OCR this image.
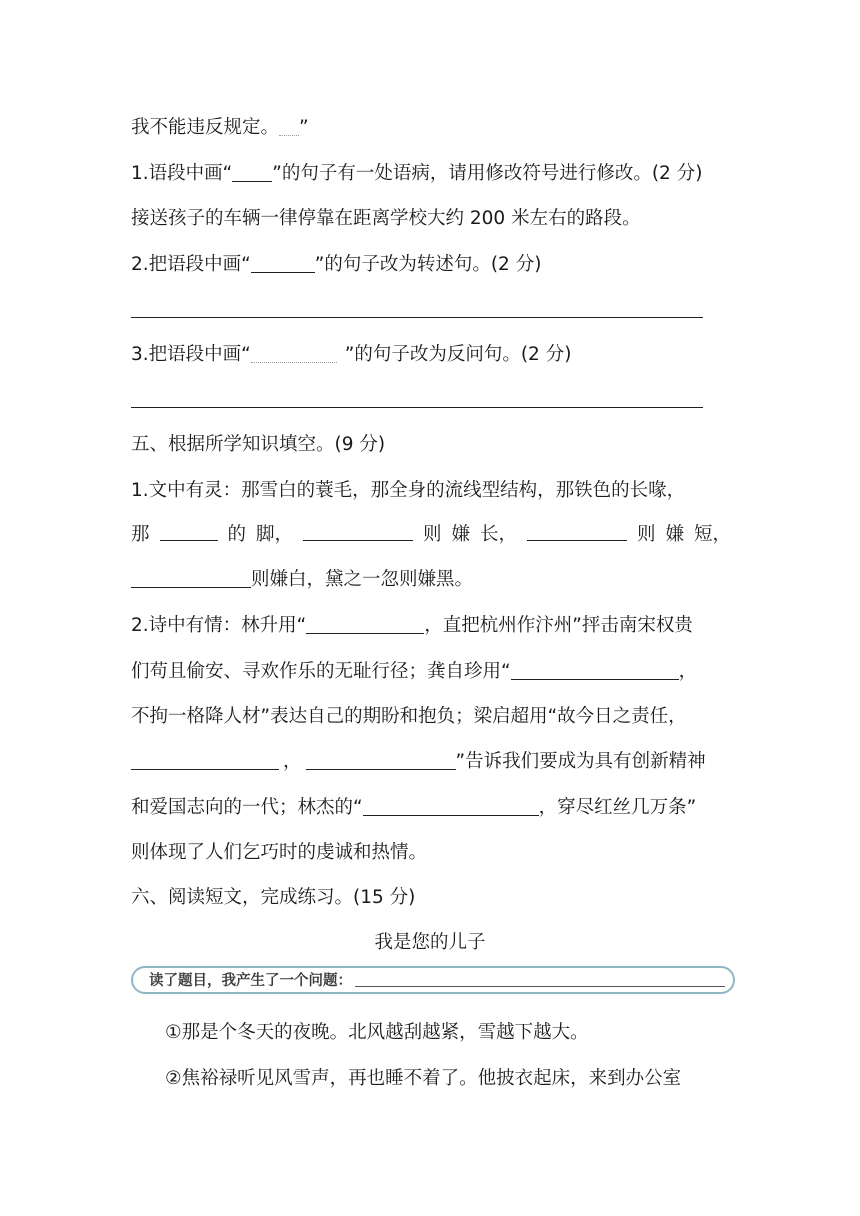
我不能违反规定。 ”
1.语段中画“ ”的句子有一处语病，请用修改符号进行修改。(2 分)
接送孩子的车辆一律停靠在距离学校大约 200 米左右的路段。
2.把语段中画“	”的句子改为转述句。(2 分)
3.把语段中画“	”的句子改为反问句。(2 分)
五、根据所学知识填空。(9 分)
1.文中有灵：那雪白的蓑毛，那全身的流线型结构，那铁色的长喙，
那	的 脚，	则 嫌 长，	则 嫌 短，
则嫌白，黛之一忽则嫌黑。
2.诗中有情：林升用“	，直把杭州作汴州”抨击南宋权贵
们苟且偷安、寻欢作乐的无耻行径；龚自珍用“	，
不拘一格降人材”表达自己的期盼和抱负；梁启超用“故今日之责任，
，	”告诉我们要成为具有创新精神
和爱国志向的一代；林杰的“	，穿尽红丝几万条”
则体现了人们乞巧时的虔诚和热情。
六、阅读短文，完成练习。(15 分)
我是您的儿子
读了题目，我产生了一个问题：
①那是个冬天的夜晚。北风越刮越紧，雪越下越大。
②焦裕禄听见风雪声，再也睡不着了。他披衣起床，来到办公室
